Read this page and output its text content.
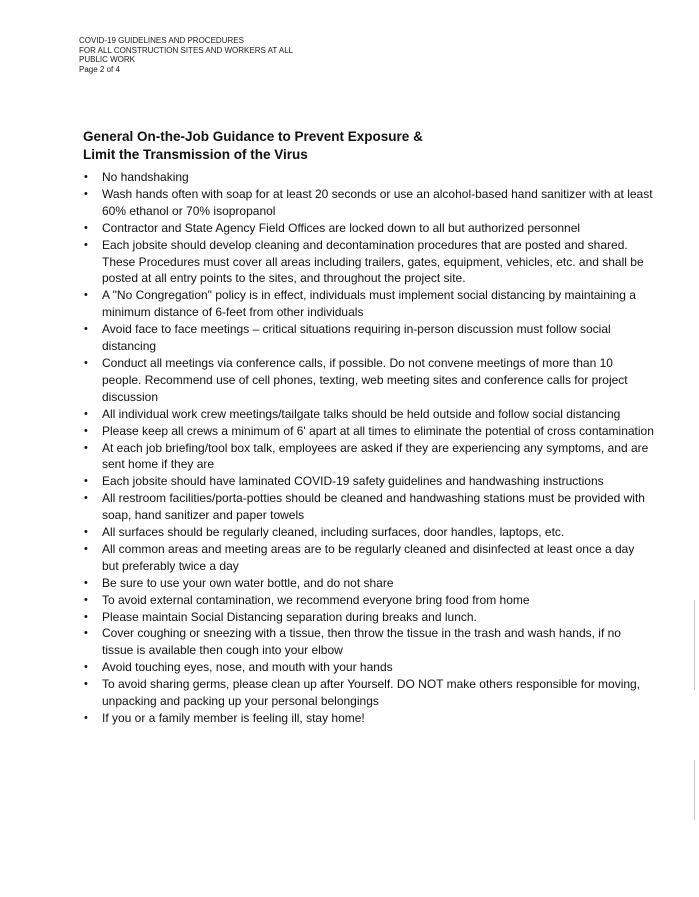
COVID-19 GUIDELINES AND PROCEDURES
FOR ALL CONSTRUCTION SITES AND WORKERS AT ALL
PUBLIC WORK
Page 2 of 4
General On-the-Job Guidance to Prevent Exposure &
Limit the Transmission of the Virus
•	No handshaking
•	Wash hands often with soap for at least 20 seconds or use an alcohol-based hand sanitizer with at least 60% ethanol or 70% isopropanol
•	Contractor and State Agency Field Offices are locked down to all but authorized personnel
•	Each jobsite should develop cleaning and decontamination procedures that are posted and shared. These Procedures must cover all areas including trailers, gates, equipment, vehicles, etc. and shall be posted at all entry points to the sites, and throughout the project site.
•	A "No Congregation" policy is in effect, individuals must implement social distancing by maintaining a minimum distance of 6-feet from other individuals
•	Avoid face to face meetings – critical situations requiring in-person discussion must follow social distancing
•	Conduct all meetings via conference calls, if possible. Do not convene meetings of more than 10 people. Recommend use of cell phones, texting, web meeting sites and conference calls for project discussion
•	All individual work crew meetings/tailgate talks should be held outside and follow social distancing
•	Please keep all crews a minimum of 6' apart at all times to eliminate the potential of cross contamination
•	At each job briefing/tool box talk, employees are asked if they are experiencing any symptoms, and are sent home if they are
•	Each jobsite should have laminated COVID-19 safety guidelines and handwashing instructions
•	All restroom facilities/porta-potties should be cleaned and handwashing stations must be provided with soap, hand sanitizer and paper towels
•	All surfaces should be regularly cleaned, including surfaces, door handles, laptops, etc.
•	All common areas and meeting areas are to be regularly cleaned and disinfected at least once a day but preferably twice a day
•	Be sure to use your own water bottle, and do not share
•	To avoid external contamination, we recommend everyone bring food from home
•	Please maintain Social Distancing separation during breaks and lunch.
•	Cover coughing or sneezing with a tissue, then throw the tissue in the trash and wash hands, if no tissue is available then cough into your elbow
•	Avoid touching eyes, nose, and mouth with your hands
•	To avoid sharing germs, please clean up after Yourself. DO NOT make others responsible for moving, unpacking and packing up your personal belongings
•	If you or a family member is feeling ill, stay home!
